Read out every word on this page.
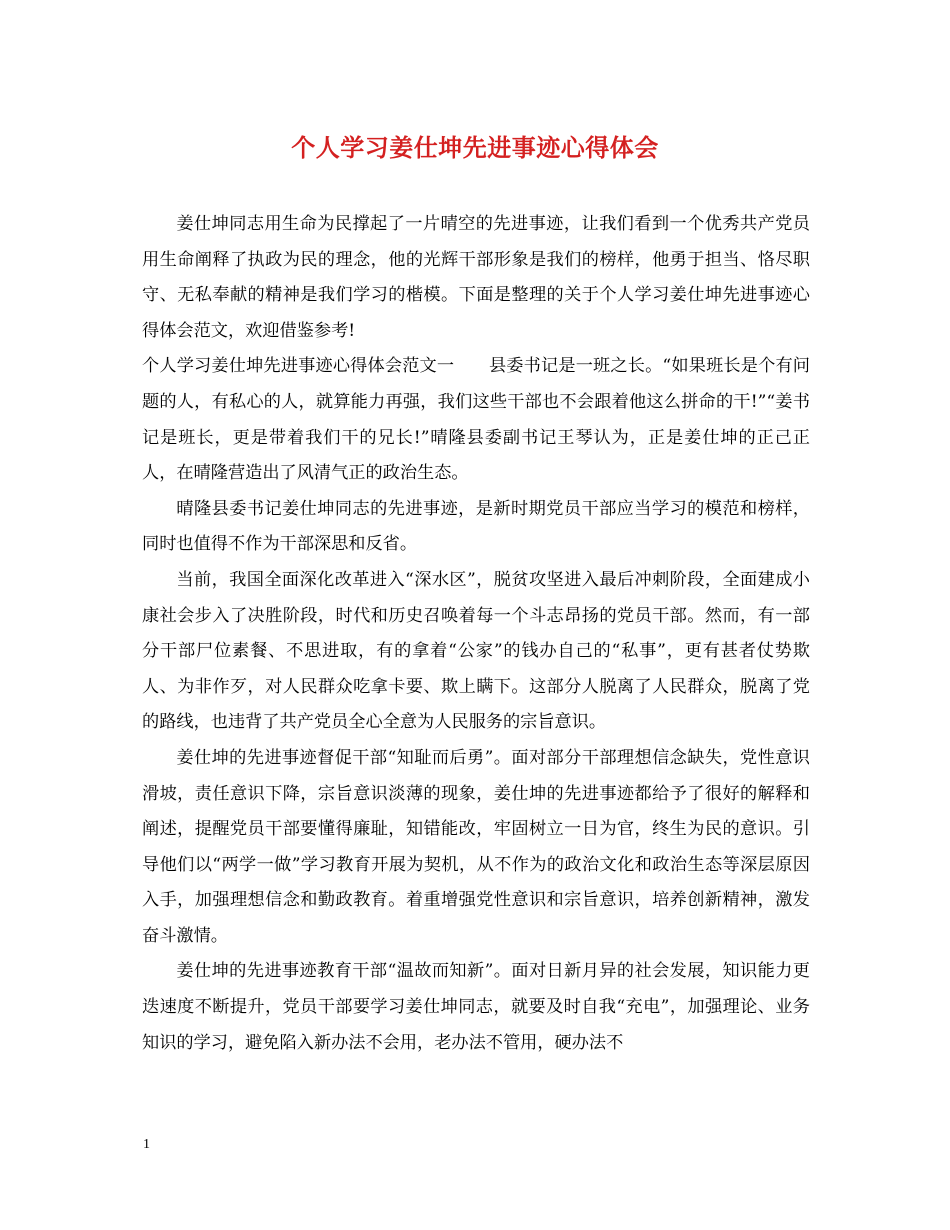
个人学习姜仕坤先进事迹心得体会

姜仕坤同志用生命为民撑起了一片晴空的先进事迹，让我们看到一个优秀共产党员用生命阐释了执政为民的理念，他的光辉干部形象是我们的榜样，他勇于担当、恪尽职守、无私奉献的精神是我们学习的楷模。下面是整理的关于个人学习姜仕坤先进事迹心得体会范文，欢迎借鉴参考!

个人学习姜仕坤先进事迹心得体会范文一　　县委书记是一班之长。“如果班长是个有问题的人，有私心的人，就算能力再强，我们这些干部也不会跟着他这么拼命的干!”“姜书记是班长，更是带着我们干的兄长!”晴隆县委副书记王琴认为，正是姜仕坤的正己正人，在晴隆营造出了风清气正的政治生态。

晴隆县委书记姜仕坤同志的先进事迹，是新时期党员干部应当学习的模范和榜样，同时也值得不作为干部深思和反省。

当前，我国全面深化改革进入“深水区”，脱贫攻坚进入最后冲刺阶段，全面建成小康社会步入了决胜阶段，时代和历史召唤着每一个斗志昂扬的党员干部。然而，有一部分干部尸位素餐、不思进取，有的拿着“公家”的钱办自己的“私事”，更有甚者仗势欺人、为非作歹，对人民群众吃拿卡要、欺上瞒下。这部分人脱离了人民群众，脱离了党的路线，也违背了共产党员全心全意为人民服务的宗旨意识。

姜仕坤的先进事迹督促干部“知耻而后勇”。面对部分干部理想信念缺失，党性意识滑坡，责任意识下降，宗旨意识淡薄的现象，姜仕坤的先进事迹都给予了很好的解释和阐述，提醒党员干部要懂得廉耻，知错能改，牢固树立一日为官，终生为民的意识。引导他们以“两学一做”学习教育开展为契机，从不作为的政治文化和政治生态等深层原因入手，加强理想信念和勤政教育。着重增强党性意识和宗旨意识，培养创新精神，激发奋斗激情。

姜仕坤的先进事迹教育干部“温故而知新”。面对日新月异的社会发展，知识能力更迭速度不断提升，党员干部要学习姜仕坤同志，就要及时自我“充电”，加强理论、业务知识的学习，避免陷入新办法不会用，老办法不管用，硬办法不

1
